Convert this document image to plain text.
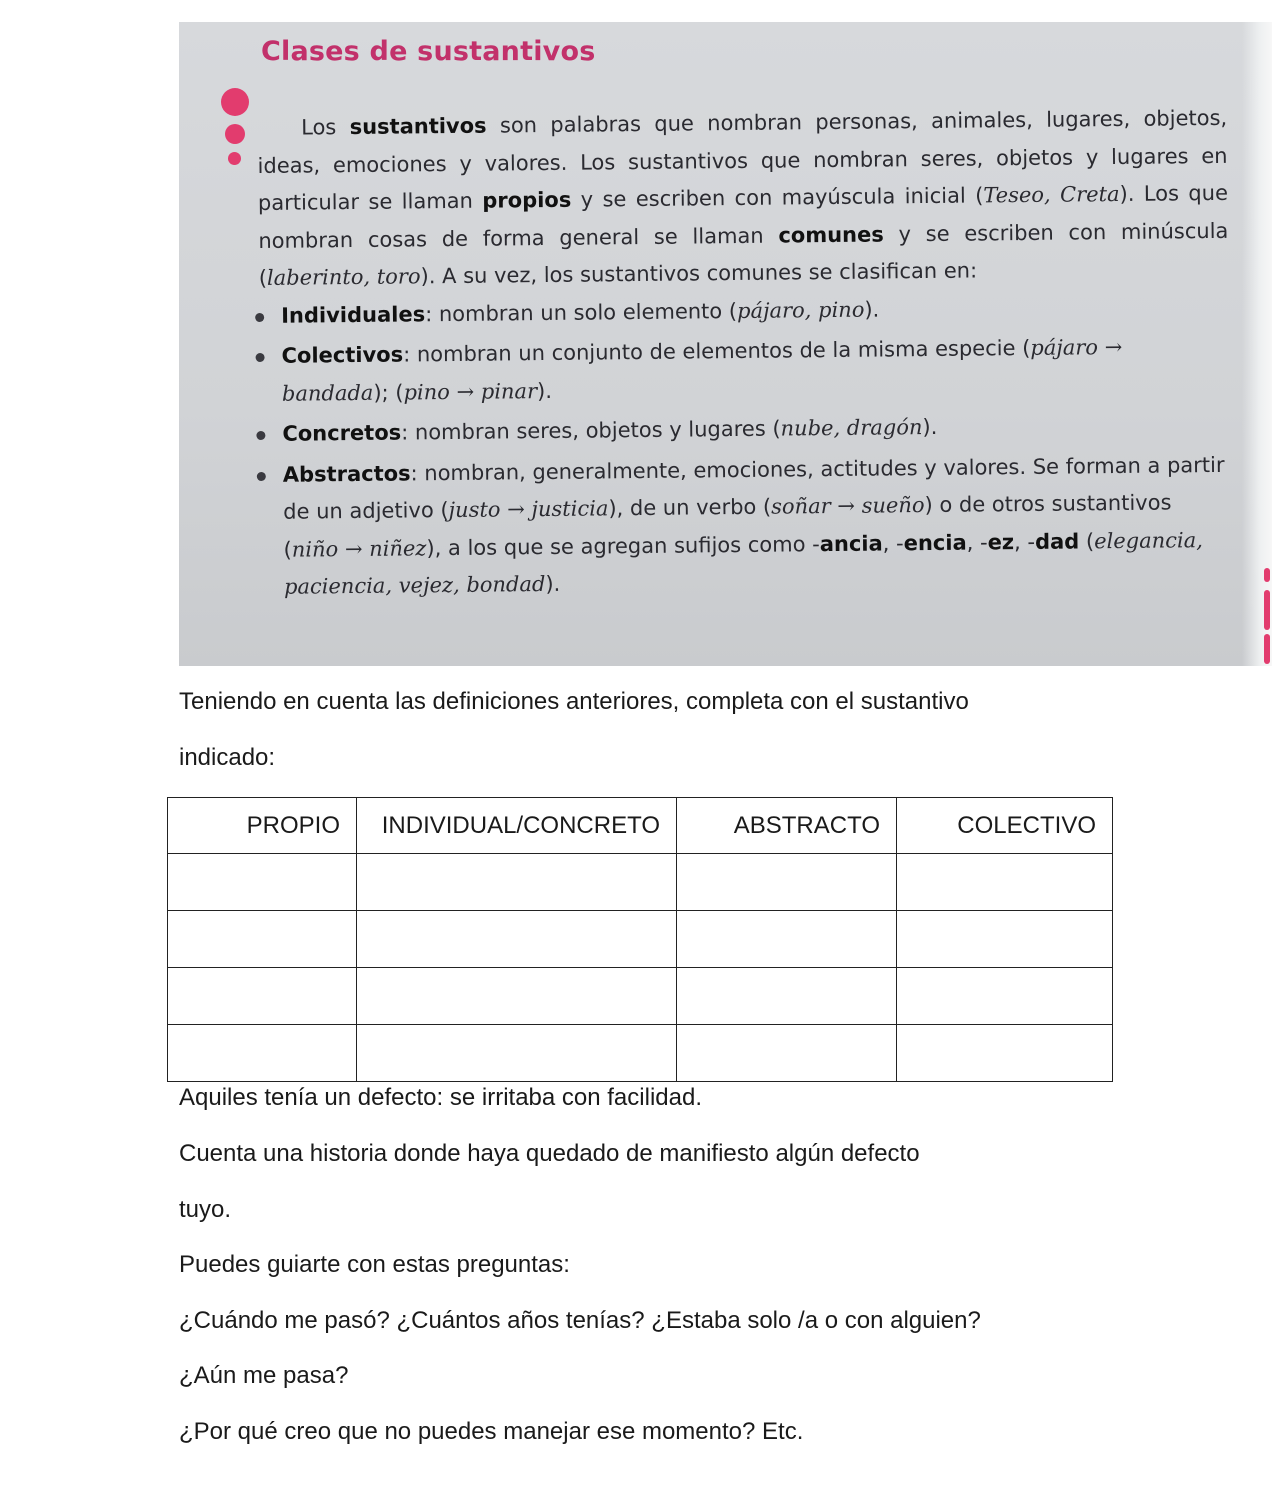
Clases de sustantivos

Los sustantivos son palabras que nombran personas, animales, lugares, objetos, ideas, emociones y valores. Los sustantivos que nombran seres, objetos y lugares en particular se llaman propios y se escriben con mayúscula inicial (Teseo, Creta). Los que nombran cosas de forma general se llaman comunes y se escriben con minúscula (laberinto, toro). A su vez, los sustantivos comunes se clasifican en:

Individuales: nombran un solo elemento (pájaro, pino).
Colectivos: nombran un conjunto de elementos de la misma especie (pájaro → bandada); (pino → pinar).
Concretos: nombran seres, objetos y lugares (nube, dragón).
Abstractos: nombran, generalmente, emociones, actitudes y valores. Se forman a partir de un adjetivo (justo → justicia), de un verbo (soñar → sueño) o de otros sustantivos (niño → niñez), a los que se agregan sufijos como -ancia, -encia, -ez, -dad (elegancia, paciencia, vejez, bondad).
Teniendo en cuenta las definiciones anteriores, completa con el sustantivo
indicado:
PROPIO	INDIVIDUAL/CONCRETO	ABSTRACTO	COLECTIVO

Aquiles tenía un defecto: se irritaba con facilidad.
Cuenta una historia donde haya quedado de manifiesto algún defecto
tuyo.
Puedes guiarte con estas preguntas:
¿Cuándo me pasó? ¿Cuántos años tenías? ¿Estaba solo /a o con alguien?
¿Aún me pasa?
¿Por qué creo que no puedes manejar ese momento? Etc.
